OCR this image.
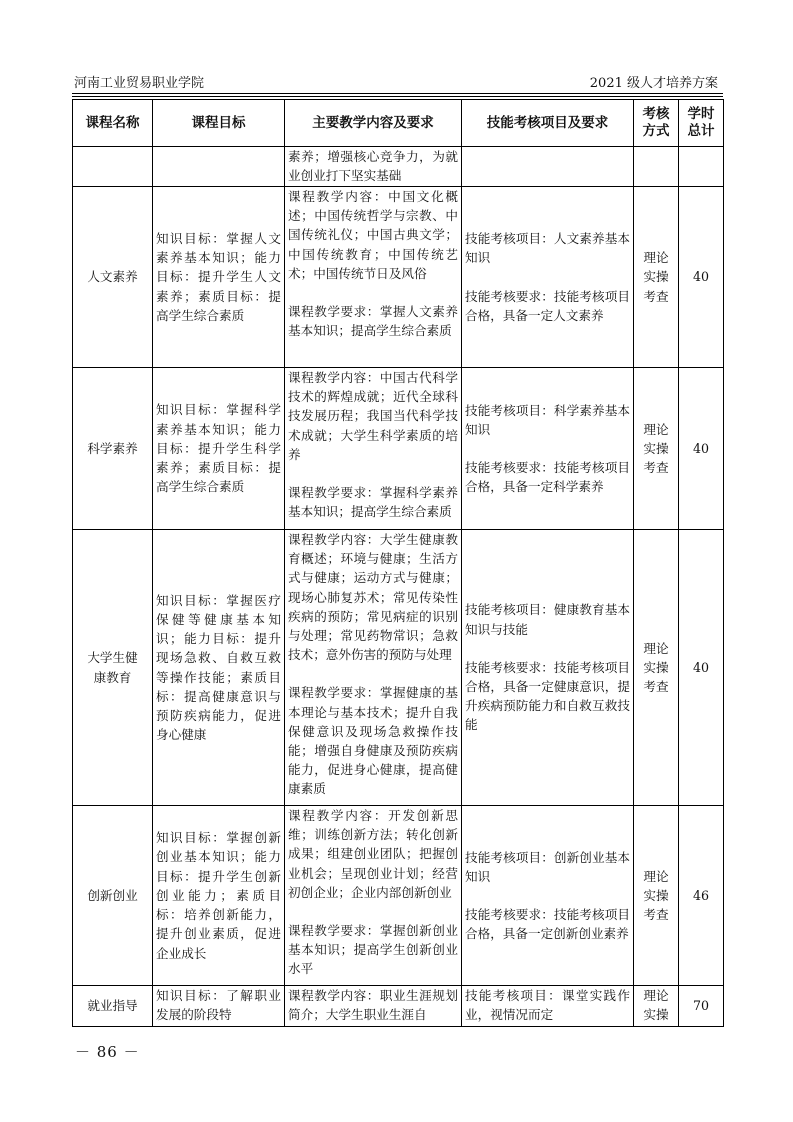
河南工业贸易职业学院	2021 级人才培养方案
课程名称	课程目标	主要教学内容及要求	技能考核项目及要求	考核
方式	学时
总计

		素养；增强核心竞争力，为就业创业打下坚实基础			
人文素养	知识目标：掌握人文素养基本知识；能力目标：提升学生人文素养；素质目标：提高学生综合素质	课程教学内容：中国文化概述；中国传统哲学与宗教、中国传统礼仪；中国古典文学；中国传统教育；中国传统艺术；中国传统节日及风俗
课程教学要求：掌握人文素养基本知识；提高学生综合素质	技能考核项目：人文素养基本知识
技能考核要求：技能考核项目合格，具备一定人文素养	理论
实操
考查	40
科学素养	知识目标：掌握科学素养基本知识；能力目标：提升学生科学素养；素质目标：提高学生综合素质	课程教学内容：中国古代科学技术的辉煌成就；近代全球科技发展历程；我国当代科学技术成就；大学生科学素质的培养
课程教学要求：掌握科学素养基本知识；提高学生综合素质	技能考核项目：科学素养基本知识
技能考核要求：技能考核项目合格，具备一定科学素养	理论
实操
考查	40

大学生健
康教育	知识目标：掌握医疗保健等健康基本知识；能力目标：提升现场急救、自救互救等操作技能；素质目标：提高健康意识与预防疾病能力，促进身心健康	课程教学内容：大学生健康教育概述；环境与健康；生活方式与健康；运动方式与健康；现场心肺复苏术；常见传染性疾病的预防；常见病症的识别与处理；常见药物常识；急救技术；意外伤害的预防与处理
课程教学要求：掌握健康的基本理论与基本技术；提升自我保健意识及现场急救操作技能；增强自身健康及预防疾病能力，促进身心健康，提高健康素质	技能考核项目：健康教育基本知识与技能
技能考核要求：技能考核项目合格，具备一定健康意识，提升疾病预防能力和自救互救技能	理论
实操
考查	40
创新创业	知识目标：掌握创新创业基本知识；能力目标：提升学生创新创业能力；素质目标：培养创新能力，提升创业素质，促进企业成长	课程教学内容：开发创新思维；训练创新方法；转化创新成果；组建创业团队；把握创业机会；呈现创业计划；经营初创企业；企业内部创新创业
课程教学要求：掌握创新创业基本知识；提高学生创新创业水平	技能考核项目：创新创业基本知识
技能考核要求：技能考核项目合格，具备一定创新创业素养	理论
实操
考查	46
就业指导	知识目标：了解职业发展的阶段特	课程教学内容：职业生涯规划简介；大学生职业生涯自	技能考核项目：课堂实践作业，视情况而定	理论
实操	70
－ 86 －
